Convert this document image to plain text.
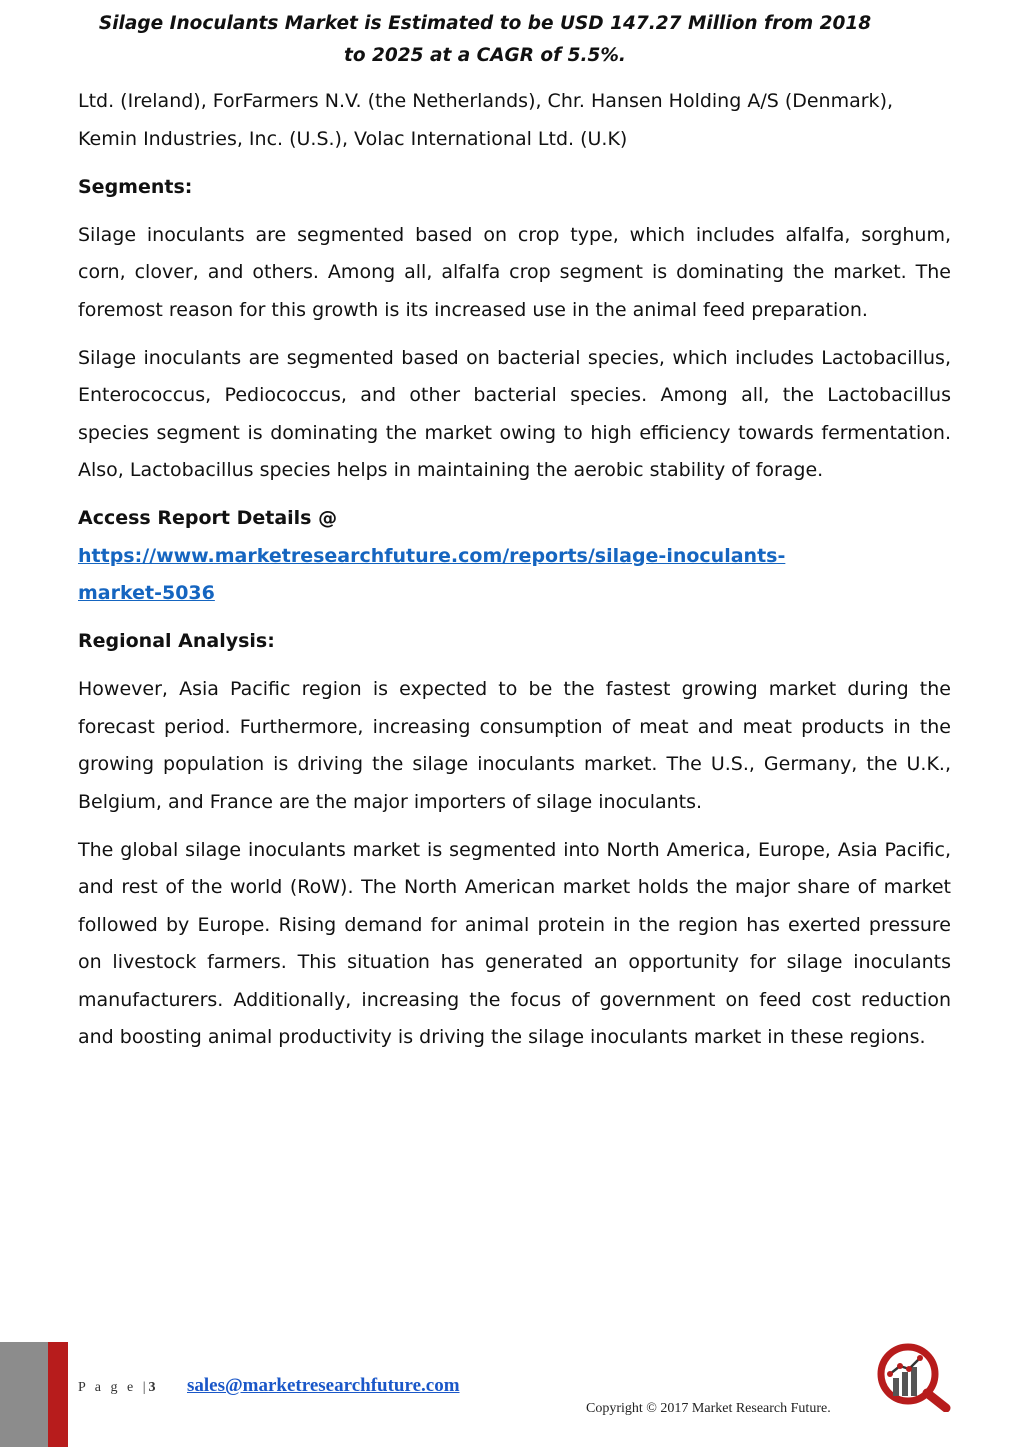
Silage Inoculants Market is Estimated to be USD 147.27 Million from 2018
to 2025 at a CAGR of 5.5%.

Ltd. (Ireland), ForFarmers N.V. (the Netherlands), Chr. Hansen Holding A/S (Denmark), Kemin Industries, Inc. (U.S.), Volac International Ltd. (U.K)

Segments:

Silage inoculants are segmented based on crop type, which includes alfalfa, sorghum, corn, clover, and others. Among all, alfalfa crop segment is dominating the market. The foremost reason for this growth is its increased use in the animal feed preparation.

Silage inoculants are segmented based on bacterial species, which includes Lactobacillus, Enterococcus, Pediococcus, and other bacterial species. Among all, the Lactobacillus species segment is dominating the market owing to high efficiency towards fermentation. Also, Lactobacillus species helps in maintaining the aerobic stability of forage.

Access Report Details @
https://www.marketresearchfuture.com/reports/silage-inoculants-
market-5036
Regional Analysis:

However, Asia Pacific region is expected to be the fastest growing market during the forecast period. Furthermore, increasing consumption of meat and meat products in the growing population is driving the silage inoculants market. The U.S., Germany, the U.K., Belgium, and France are the major importers of silage inoculants.

The global silage inoculants market is segmented into North America, Europe, Asia Pacific, and rest of the world (RoW). The North American market holds the major share of market followed by Europe. Rising demand for animal protein in the region has exerted pressure on livestock farmers. This situation has generated an opportunity for silage inoculants manufacturers. Additionally, increasing the focus of government on feed cost reduction and boosting animal productivity is driving the silage inoculants market in these regions.

P a g e |3 sales@marketresearchfuture.com
Copyright © 2017 Market Research Future.
